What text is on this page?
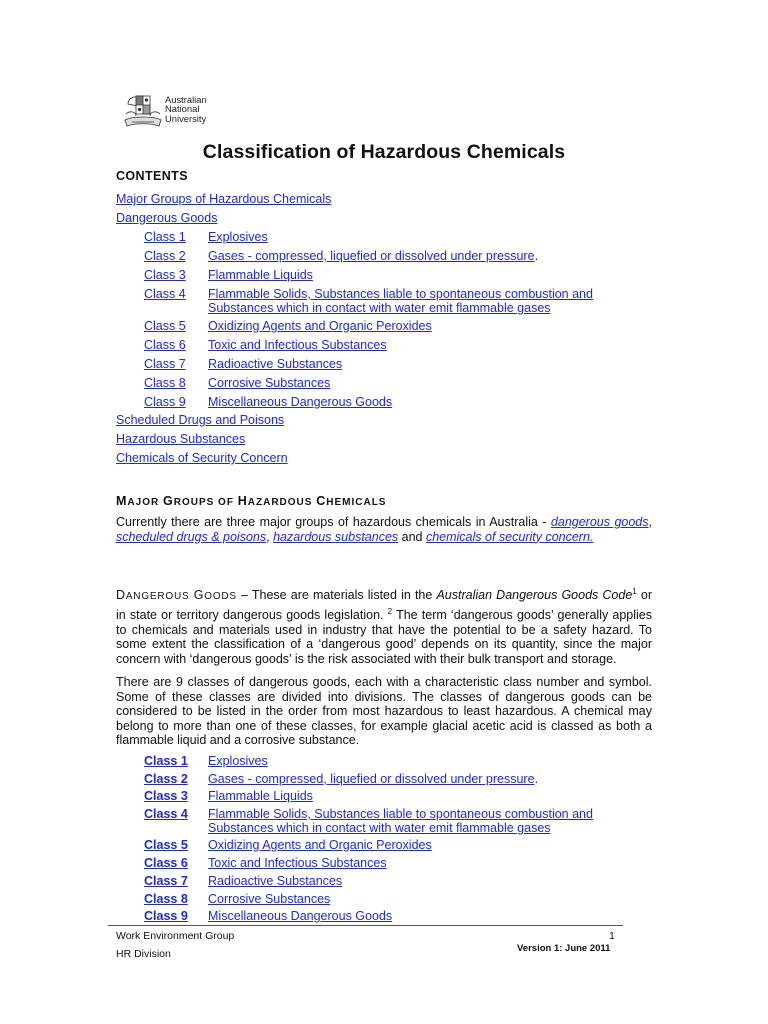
Australian
National
University
Classification of Hazardous Chemicals
CONTENTS
Major Groups of Hazardous Chemicals
Dangerous Goods
Class 1	Explosives
Class 2	Gases - compressed, liquefied or dissolved under pressure.
Class 3	Flammable Liquids
Class 4	Flammable Solids, Substances liable to spontaneous combustion and
Substances which in contact with water emit flammable gases
Class 5	Oxidizing Agents and Organic Peroxides
Class 6	Toxic and Infectious Substances
Class 7	Radioactive Substances
Class 8	Corrosive Substances
Class 9	Miscellaneous Dangerous Goods
Scheduled Drugs and Poisons
Hazardous Substances
Chemicals of Security Concern
MAJOR GROUPS OF HAZARDOUS CHEMICALS
Currently there are three major groups of hazardous chemicals in Australia - dangerous goods, scheduled drugs & poisons, hazardous substances and chemicals of security concern.
DANGEROUS GOODS – These are materials listed in the Australian Dangerous Goods Code$^1$ or in state or territory dangerous goods legislation. $^2$ The term ‘dangerous goods’ generally applies to chemicals and materials used in industry that have the potential to be a safety hazard. To some extent the classification of a ‘dangerous good’ depends on its quantity, since the major concern with ‘dangerous goods’ is the risk associated with their bulk transport and storage.
There are 9 classes of dangerous goods, each with a characteristic class number and symbol. Some of these classes are divided into divisions. The classes of dangerous goods can be considered to be listed in the order from most hazardous to least hazardous. A chemical may belong to more than one of these classes, for example glacial acetic acid is classed as both a flammable liquid and a corrosive substance.
Class 1	Explosives
Class 2	Gases - compressed, liquefied or dissolved under pressure.
Class 3	Flammable Liquids
Class 4	Flammable Solids, Substances liable to spontaneous combustion and
Substances which in contact with water emit flammable gases
Class 5	Oxidizing Agents and Organic Peroxides
Class 6	Toxic and Infectious Substances
Class 7	Radioactive Substances
Class 8	Corrosive Substances
Class 9	Miscellaneous Dangerous Goods
Work Environment Group
HR Division
1
Version 1: June 2011
